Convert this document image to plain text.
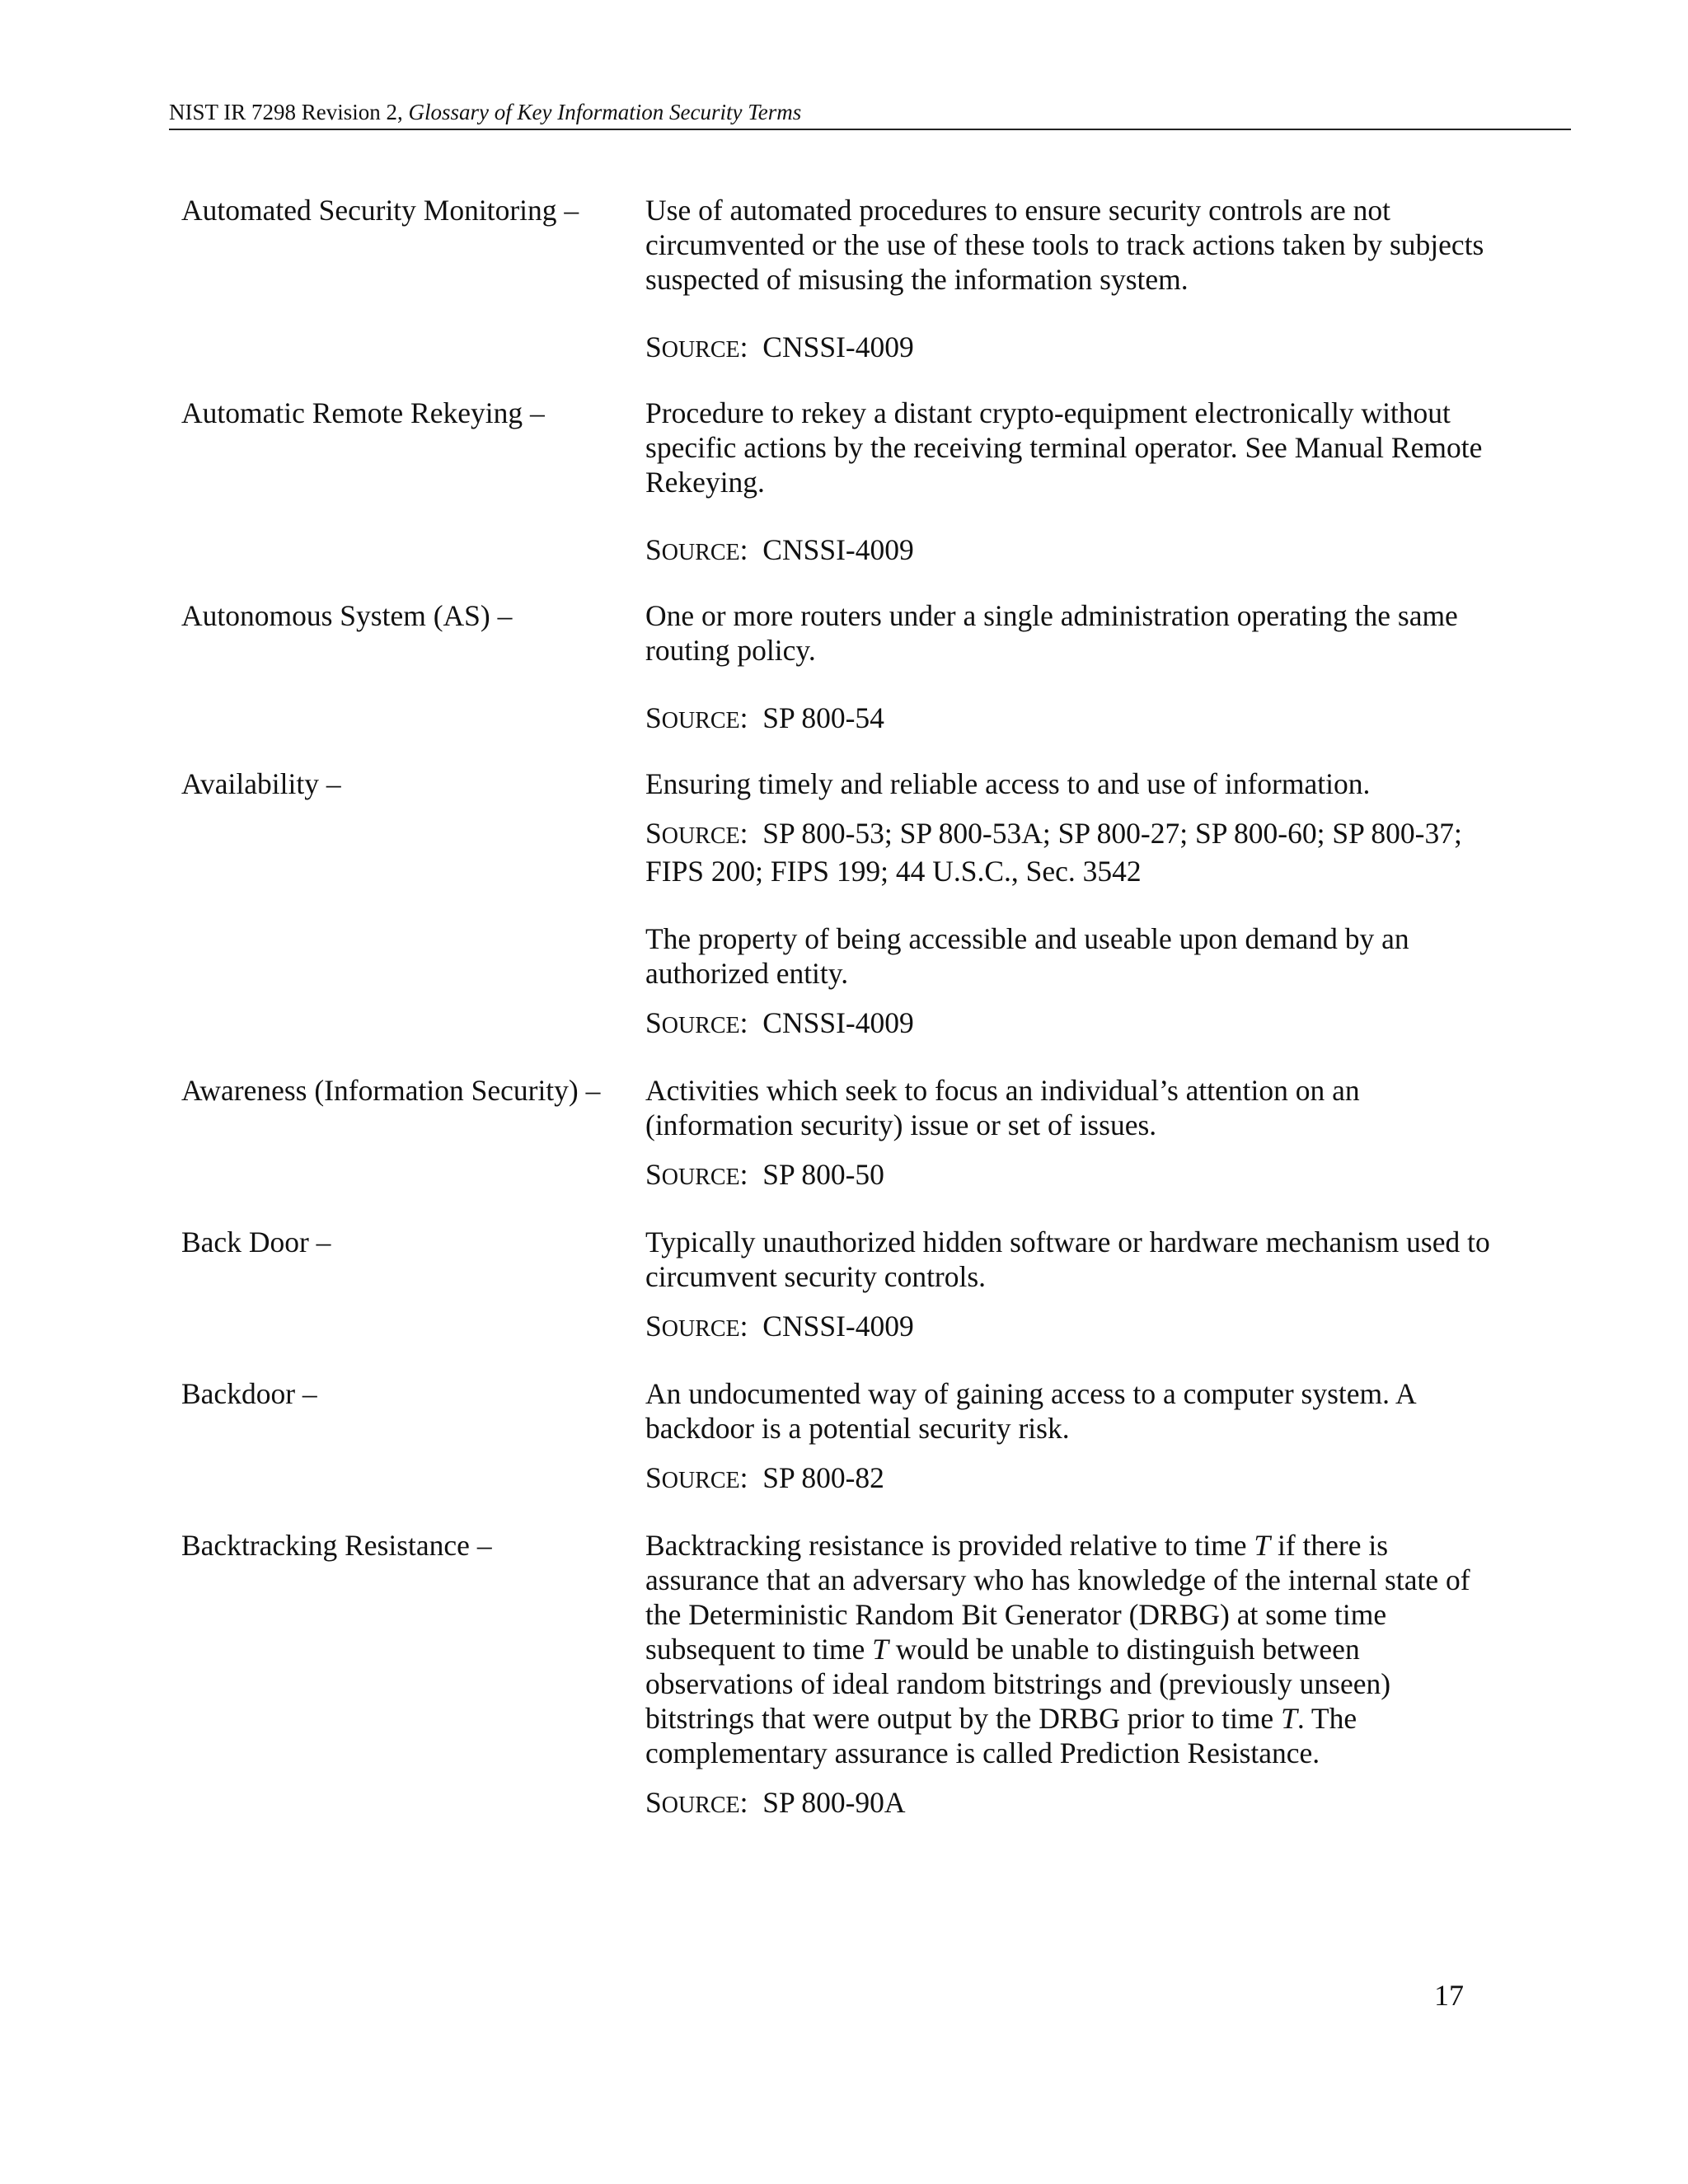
NIST IR 7298 Revision 2, Glossary of Key Information Security Terms
Automated Security Monitoring –	Use of automated procedures to ensure security controls are not circumvented or the use of these tools to track actions taken by subjects suspected of misusing the information system.

SOURCE: CNSSI-4009

Automatic Remote Rekeying –	Procedure to rekey a distant crypto-equipment electronically without specific actions by the receiving terminal operator. See Manual Remote Rekeying.

SOURCE: CNSSI-4009

Autonomous System (AS) –	One or more routers under a single administration operating the same routing policy.

SOURCE: SP 800-54

Availability –	Ensuring timely and reliable access to and use of information.

SOURCE: SP 800-53; SP 800-53A; SP 800-27; SP 800-60; SP 800-37; FIPS 200; FIPS 199; 44 U.S.C., Sec. 3542

The property of being accessible and useable upon demand by an authorized entity.

SOURCE: CNSSI-4009

Awareness (Information Security) –	Activities which seek to focus an individual’s attention on an (information security) issue or set of issues.

SOURCE: SP 800-50

Back Door –	Typically unauthorized hidden software or hardware mechanism used to circumvent security controls.

SOURCE: CNSSI-4009

Backdoor –	An undocumented way of gaining access to a computer system. A backdoor is a potential security risk.

SOURCE: SP 800-82

Backtracking Resistance –	Backtracking resistance is provided relative to time T if there is assurance that an adversary who has knowledge of the internal state of the Deterministic Random Bit Generator (DRBG) at some time subsequent to time T would be unable to distinguish between observations of ideal random bitstrings and (previously unseen) bitstrings that were output by the DRBG prior to time T. The complementary assurance is called Prediction Resistance.

SOURCE: SP 800-90A

17
